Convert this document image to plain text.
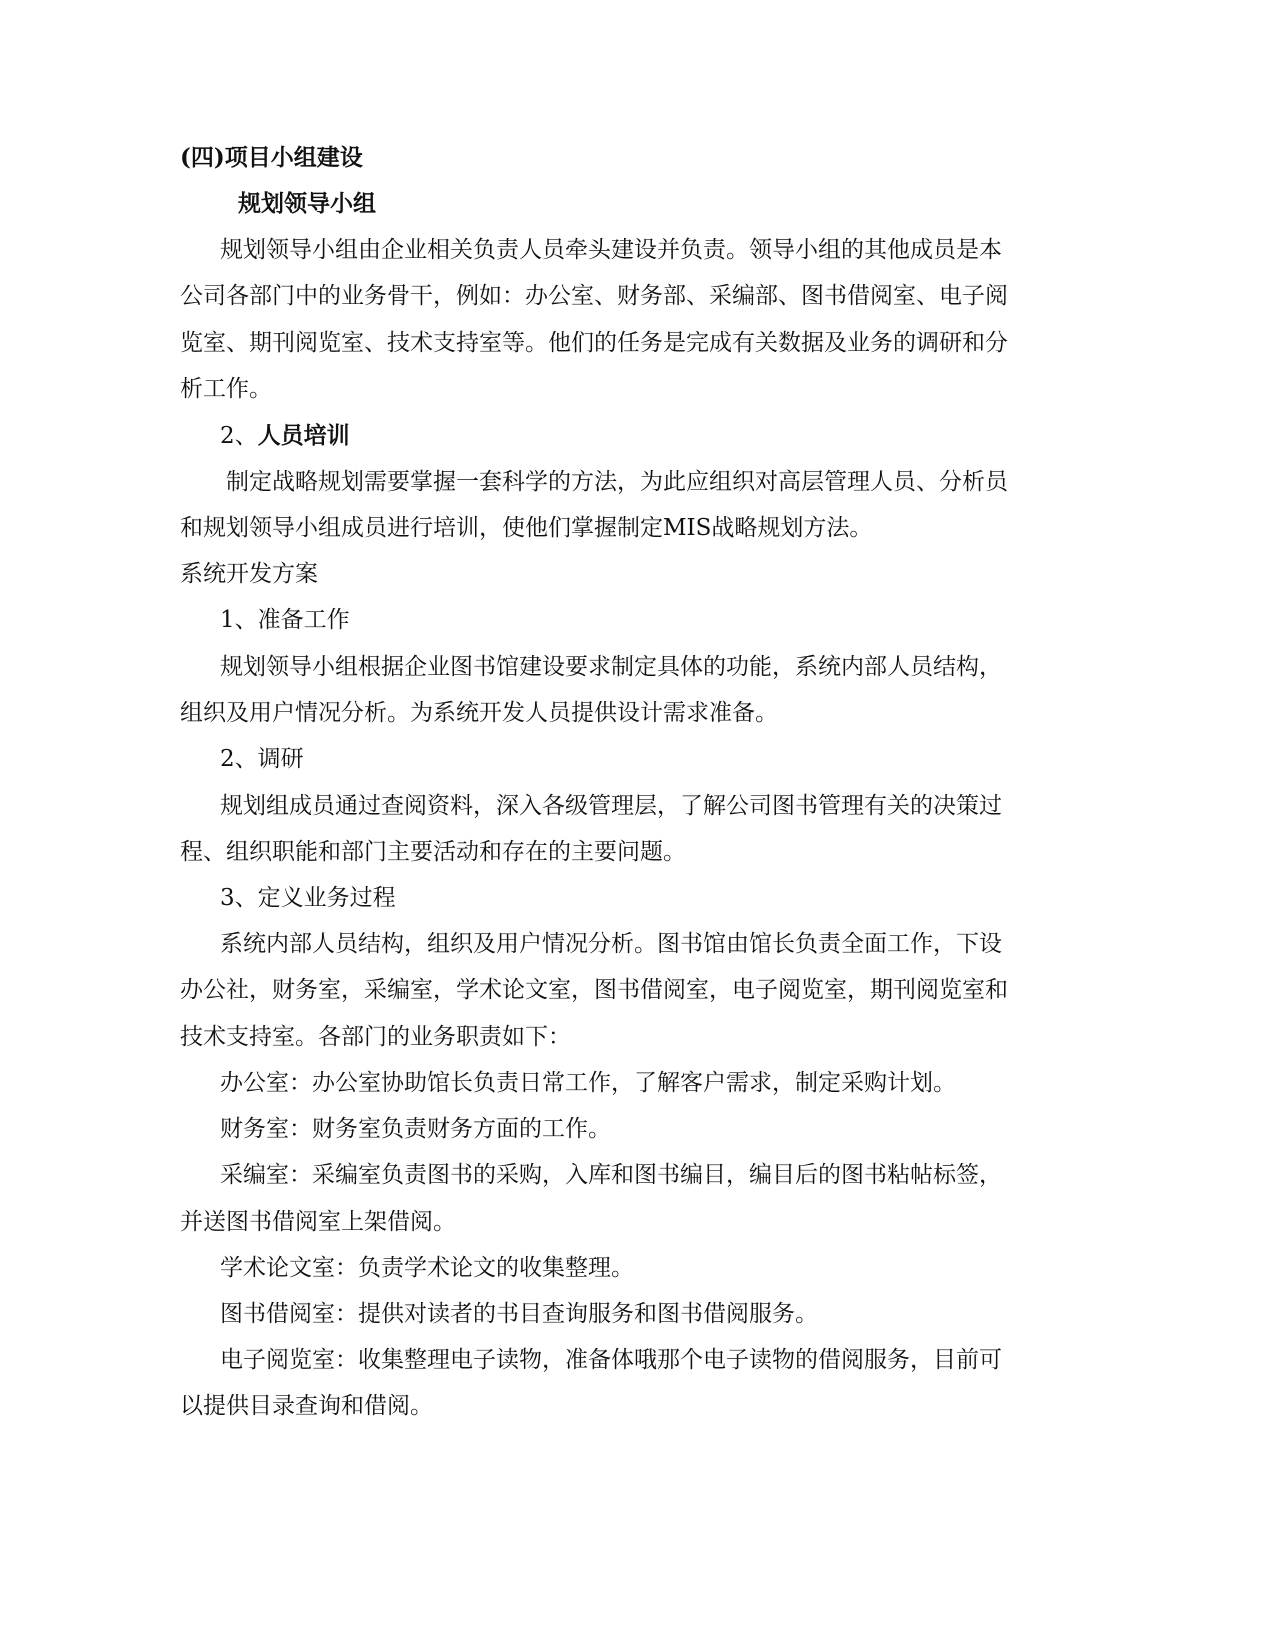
(四)项目小组建设
规划领导小组
规划领导小组由企业相关负责人员牵头建设并负责。领导小组的其他成员是本
公司各部门中的业务骨干，例如：办公室、财务部、采编部、图书借阅室、电子阅
览室、期刊阅览室、技术支持室等。他们的任务是完成有关数据及业务的调研和分
析工作。
2、人员培训
制定战略规划需要掌握一套科学的方法，为此应组织对高层管理人员、分析员
和规划领导小组成员进行培训，使他们掌握制定MIS战略规划方法。
系统开发方案
1、准备工作
规划领导小组根据企业图书馆建设要求制定具体的功能，系统内部人员结构，
组织及用户情况分析。为系统开发人员提供设计需求准备。
2、调研
规划组成员通过查阅资料，深入各级管理层，了解公司图书管理有关的决策过
程、组织职能和部门主要活动和存在的主要问题。
3、定义业务过程
系统内部人员结构，组织及用户情况分析。图书馆由馆长负责全面工作，下设
办公社，财务室，采编室，学术论文室，图书借阅室，电子阅览室，期刊阅览室和
技术支持室。各部门的业务职责如下：
办公室：办公室协助馆长负责日常工作，了解客户需求，制定采购计划。
财务室：财务室负责财务方面的工作。
采编室：采编室负责图书的采购，入库和图书编目，编目后的图书粘帖标签，
并送图书借阅室上架借阅。
学术论文室：负责学术论文的收集整理。
图书借阅室：提供对读者的书目查询服务和图书借阅服务。
电子阅览室：收集整理电子读物，准备体哦那个电子读物的借阅服务，目前可
以提供目录查询和借阅。
